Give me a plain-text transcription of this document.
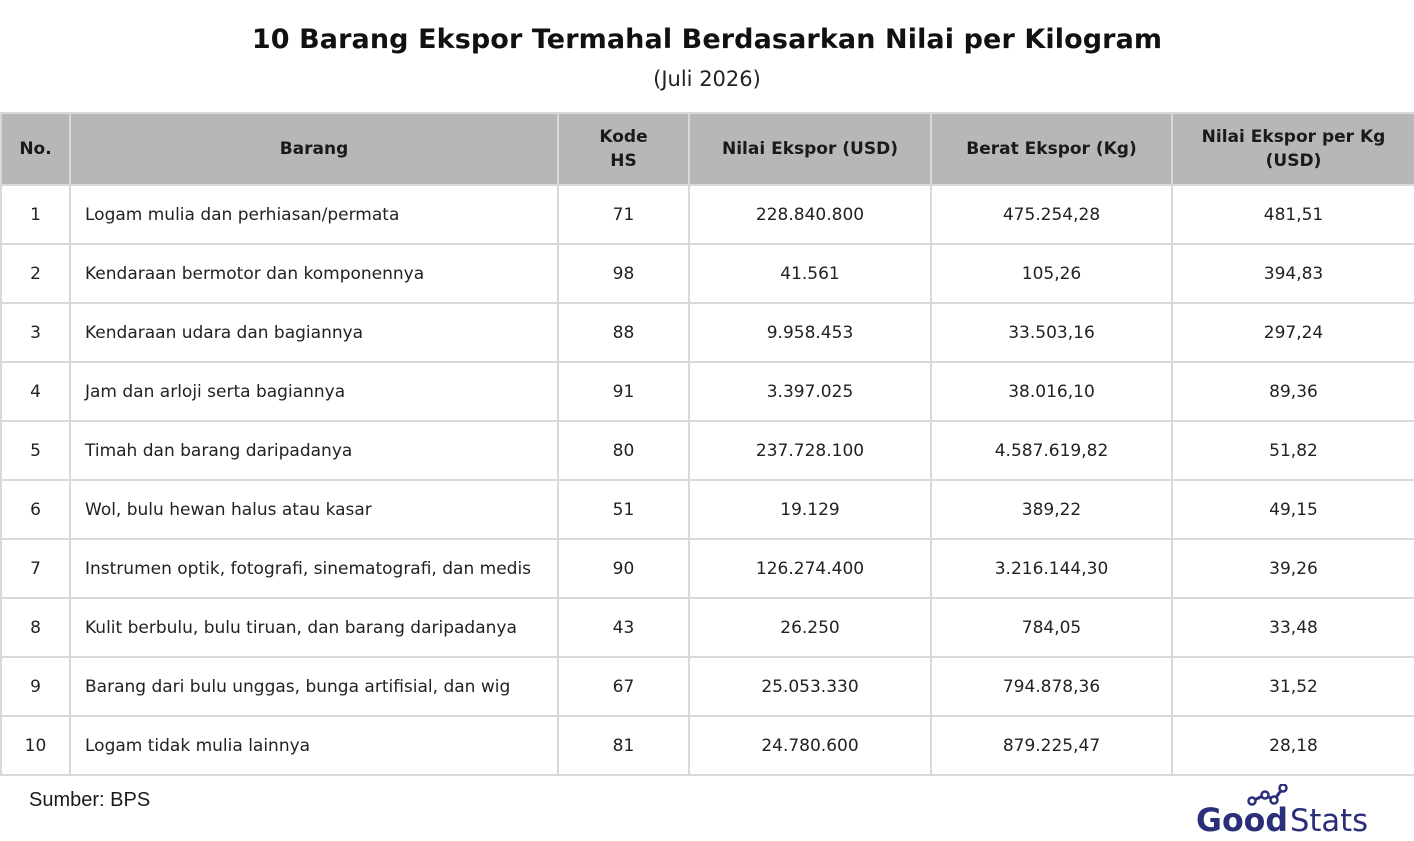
10 Barang Ekspor Termahal Berdasarkan Nilai per Kilogram
(Juli 2026)
No.	Barang	Kode HS	Nilai Ekspor (USD)	Berat Ekspor (Kg)	Nilai Ekspor per Kg (USD)
1	Logam mulia dan perhiasan/permata	71	228.840.800	475.254,28	481,51
2	Kendaraan bermotor dan komponennya	98	41.561	105,26	394,83
3	Kendaraan udara dan bagiannya	88	9.958.453	33.503,16	297,24
4	Jam dan arloji serta bagiannya	91	3.397.025	38.016,10	89,36
5	Timah dan barang daripadanya	80	237.728.100	4.587.619,82	51,82
6	Wol, bulu hewan halus atau kasar	51	19.129	389,22	49,15
7	Instrumen optik, fotografi, sinematografi, dan medis	90	126.274.400	3.216.144,30	39,26
8	Kulit berbulu, bulu tiruan, dan barang daripadanya	43	26.250	784,05	33,48
9	Barang dari bulu unggas, bunga artifisial, dan wig	67	25.053.330	794.878,36	31,52
10	Logam tidak mulia lainnya	81	24.780.600	879.225,47	28,18
Sumber: BPS
Good Stats
